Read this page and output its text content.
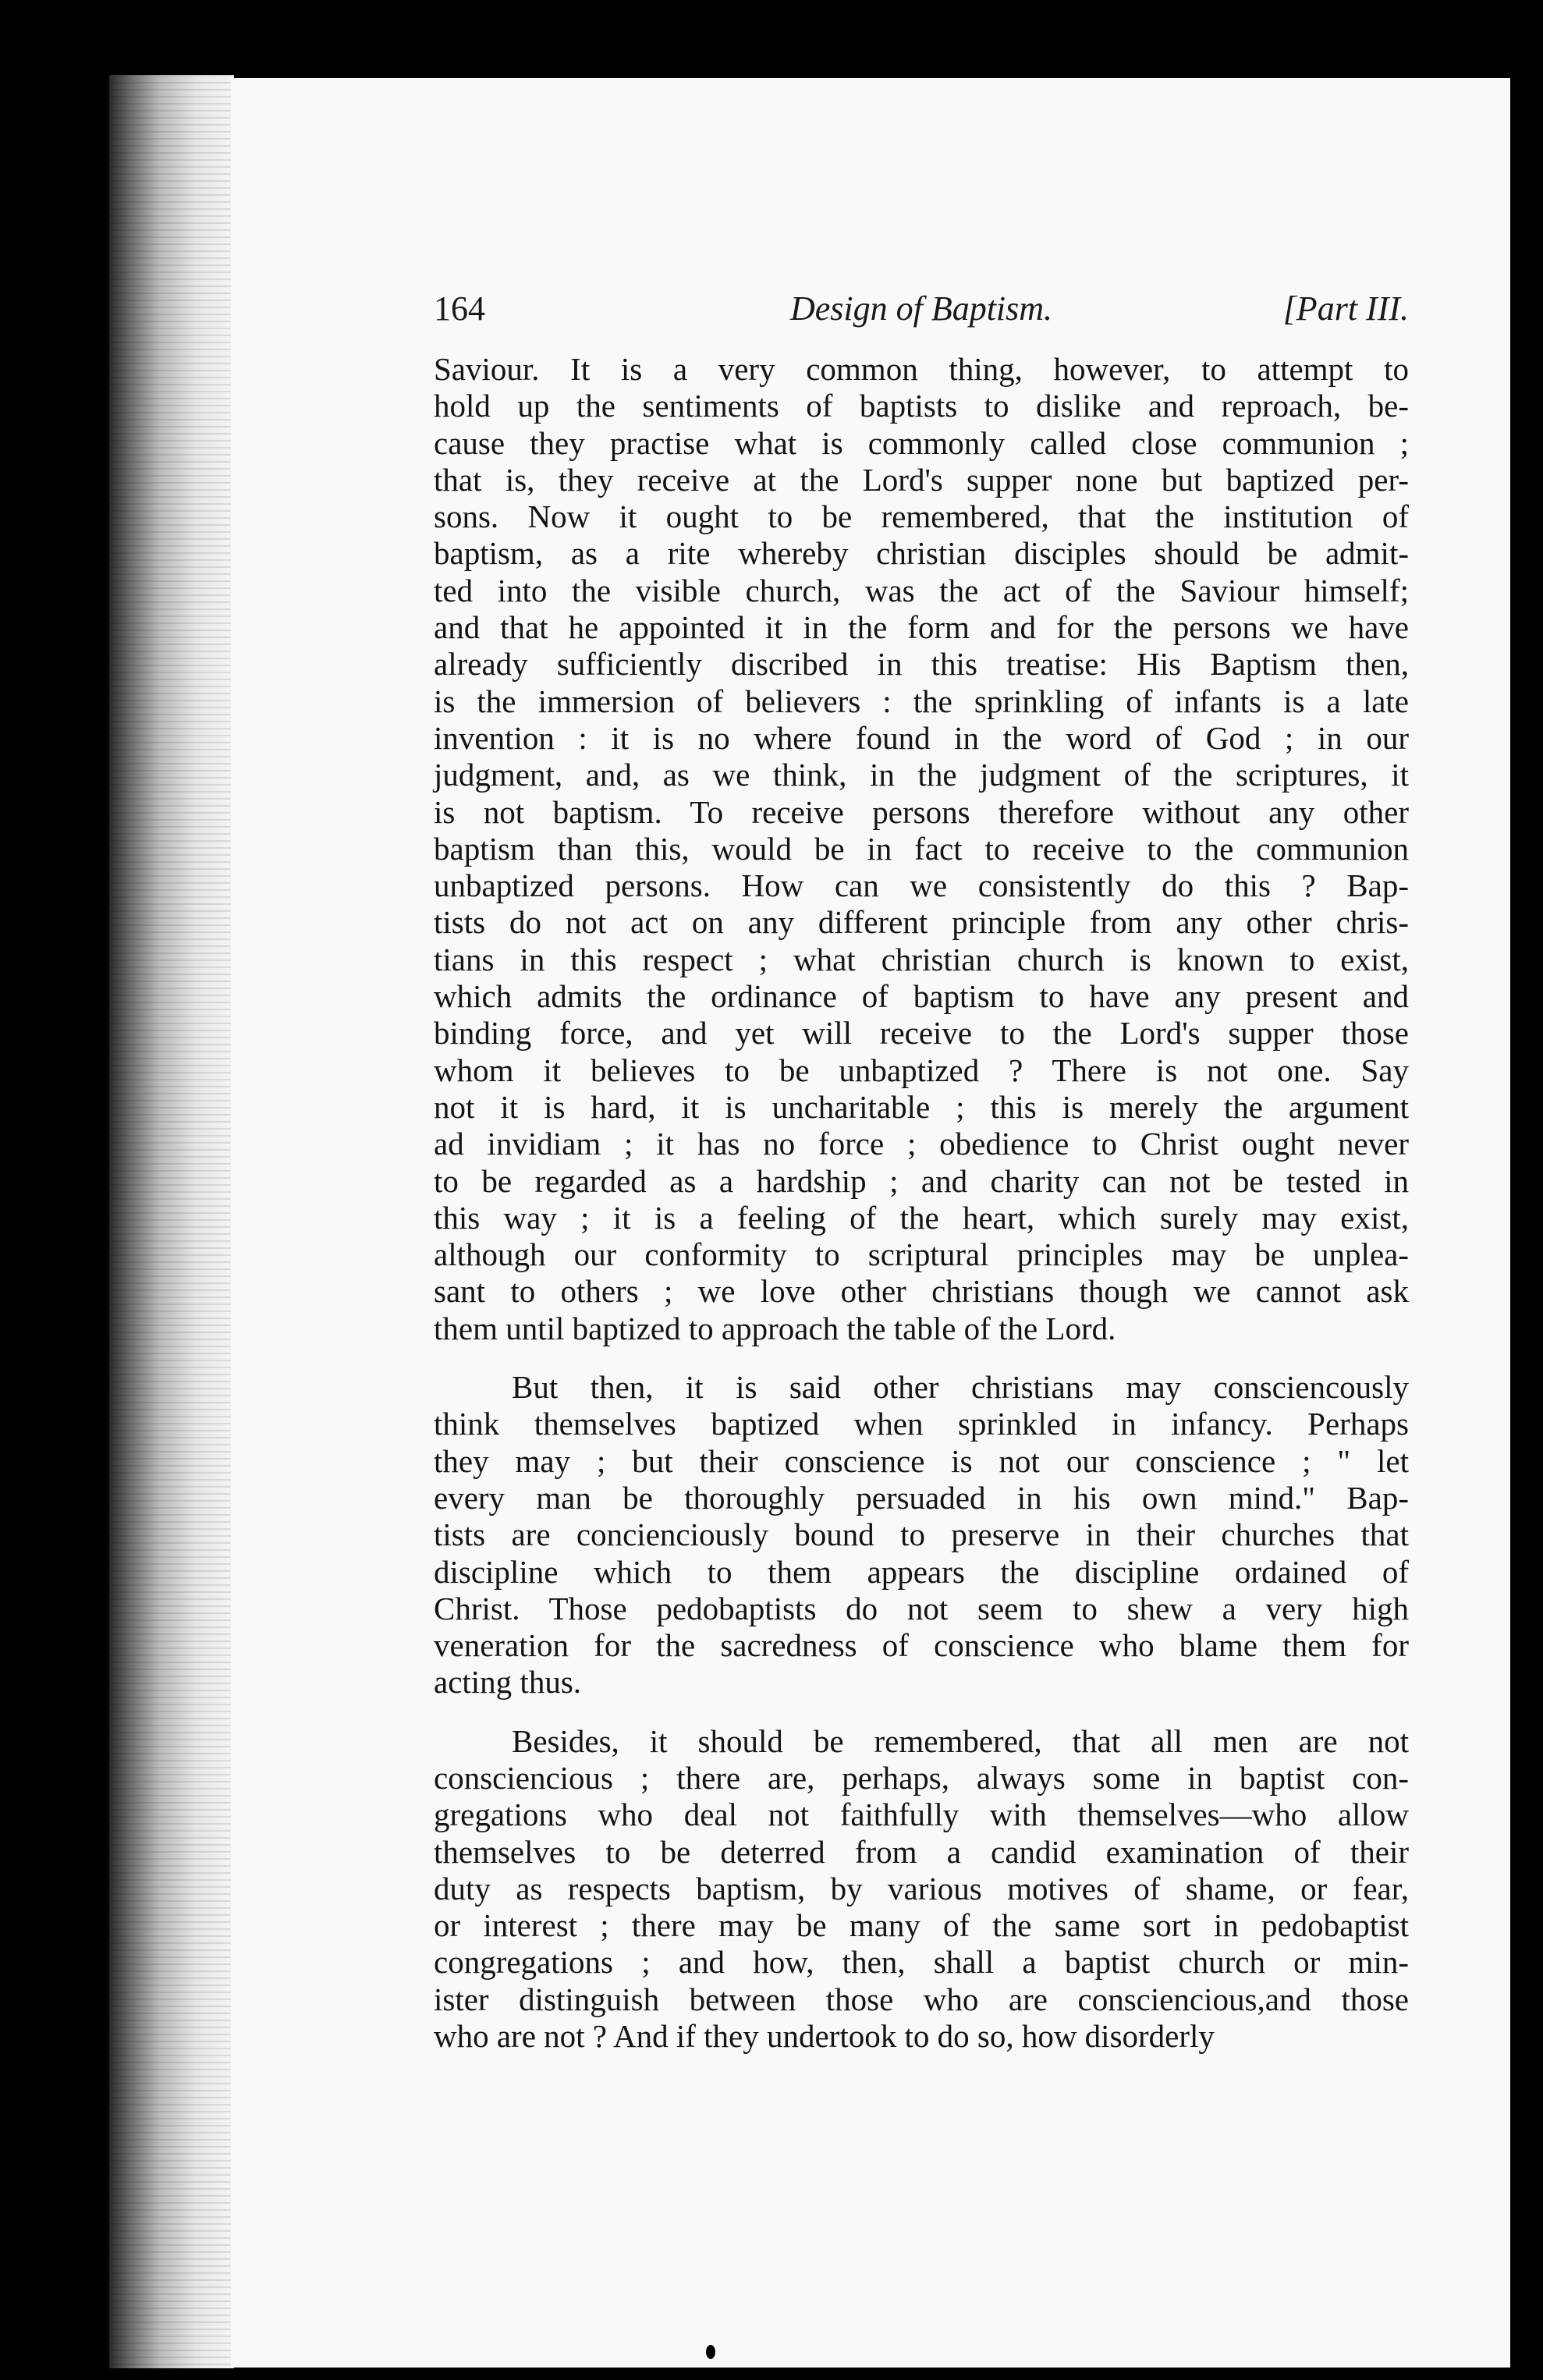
164	Design of Baptism.	[Part III.
Saviour. It is a very common thing, however, to attempt to
hold up the sentiments of baptists to dislike and reproach, be-
cause they practise what is commonly called close communion ;
that is, they receive at the Lord's supper none but baptized per-
sons. Now it ought to be remembered, that the institution of
baptism, as a rite whereby christian disciples should be admit-
ted into the visible church, was the act of the Saviour himself;
and that he appointed it in the form and for the persons we have
already sufficiently discribed in this treatise: His Baptism then,
is the immersion of believers : the sprinkling of infants is a late
invention : it is no where found in the word of God ; in our
judgment, and, as we think, in the judgment of the scriptures, it
is not baptism. To receive persons therefore without any other
baptism than this, would be in fact to receive to the communion
unbaptized persons. How can we consistently do this ? Bap-
tists do not act on any different principle from any other chris-
tians in this respect ; what christian church is known to exist,
which admits the ordinance of baptism to have any present and
binding force, and yet will receive to the Lord's supper those
whom it believes to be unbaptized ? There is not one. Say
not it is hard, it is uncharitable ; this is merely the argument
ad invidiam ; it has no force ; obedience to Christ ought never
to be regarded as a hardship ; and charity can not be tested in
this way ; it is a feeling of the heart, which surely may exist,
although our conformity to scriptural principles may be unplea-
sant to others ; we love other christians though we cannot ask
them until baptized to approach the table of the Lord.
But then, it is said other christians may consciencously
think themselves baptized when sprinkled in infancy. Perhaps
they may ; but their conscience is not our conscience ; " let
every man be thoroughly persuaded in his own mind." Bap-
tists are concienciously bound to preserve in their churches that
discipline which to them appears the discipline ordained of
Christ. Those pedobaptists do not seem to shew a very high
veneration for the sacredness of conscience who blame them for
acting thus.
Besides, it should be remembered, that all men are not
consciencious ; there are, perhaps, always some in baptist con-
gregations who deal not faithfully with themselves—who allow
themselves to be deterred from a candid examination of their
duty as respects baptism, by various motives of shame, or fear,
or interest ; there may be many of the same sort in pedobaptist
congregations ; and how, then, shall a baptist church or min-
ister distinguish between those who are consciencious,and those
who are not ? And if they undertook to do so, how disorderly
